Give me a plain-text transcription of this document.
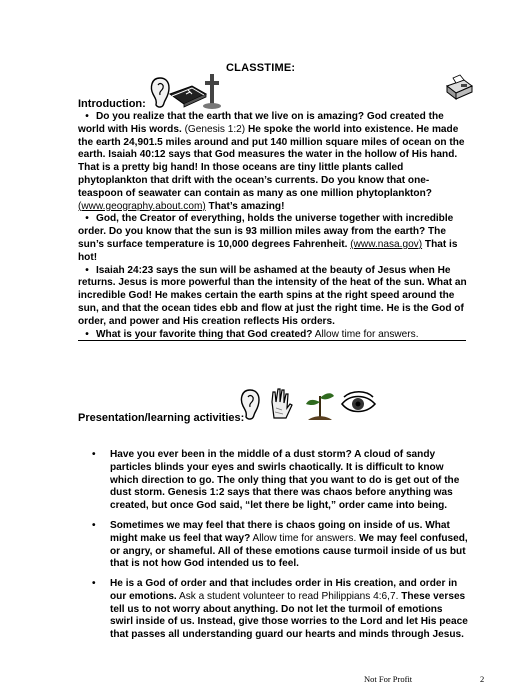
CLASSTIME:
Introduction:

• Do you realize that the earth that we live on is amazing? God created the world with His words. (Genesis 1:2) He spoke the world into existence. He made the earth 24,901.5 miles around and put 140 million square miles of ocean on the earth. Isaiah 40:12 says that God measures the water in the hollow of His hand. That is a pretty big hand! In those oceans are tiny little plants called phytoplankton that drift with the ocean’s currents. Do you know that one-teaspoon of seawater can contain as many as one million phytoplankton? (www.geography.about.com) That’s amazing!

• God, the Creator of everything, holds the universe together with incredible order. Do you know that the sun is 93 million miles away from the earth? The sun’s surface temperature is 10,000 degrees Fahrenheit. (www.nasa.gov) That is hot!

• Isaiah 24:23 says the sun will be ashamed at the beauty of Jesus when He returns. Jesus is more powerful than the intensity of the heat of the sun. What an incredible God! He makes certain the earth spins at the right speed around the sun, and that the ocean tides ebb and flow at just the right time. He is the God of order, and power and His creation reflects His orders.

• What is your favorite thing that God created? Allow time for answers.

Presentation/learning activities:
• Have you ever been in the middle of a dust storm? A cloud of sandy particles blinds your eyes and swirls chaotically. It is difficult to know which direction to go. The only thing that you want to do is get out of the dust storm. Genesis 1:2 says that there was chaos before anything was created, but once God said, “let there be light,” order came into being.
• Sometimes we may feel that there is chaos going on inside of us. What might make us feel that way? Allow time for answers. We may feel confused, or angry, or shameful. All of these emotions cause turmoil inside of us but that is not how God intended us to feel.
• He is a God of order and that includes order in His creation, and order in our emotions. Ask a student volunteer to read Philippians 4:6,7. These verses tell us to not worry about anything. Do not let the turmoil of emotions swirl inside of us. Instead, give those worries to the Lord and let His peace that passes all understanding guard our hearts and minds through Jesus.
Not For Profit	2
